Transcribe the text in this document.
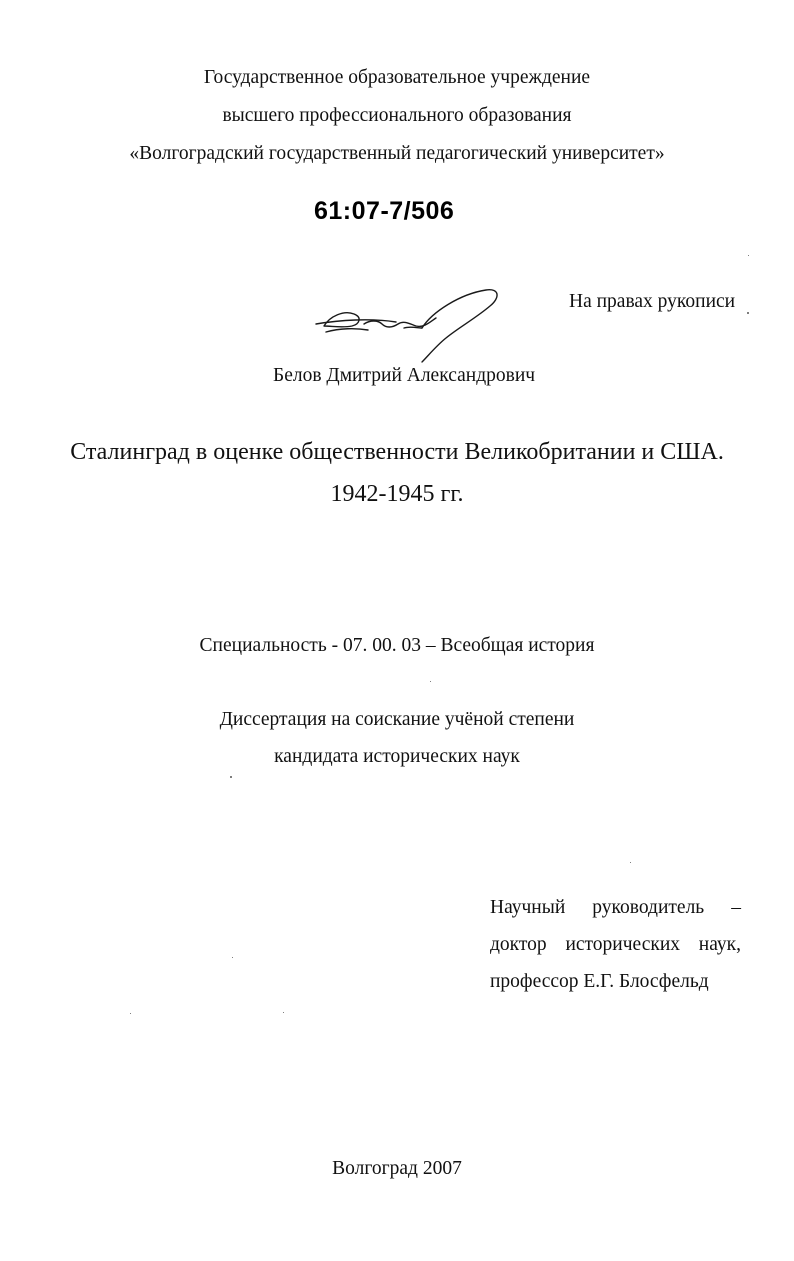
Государственное образовательное учреждение
высшего профессионального образования
«Волгоградский государственный педагогический университет»
61:07-7/506
На правах рукописи
Белов Дмитрий Александрович
Сталинград в оценке общественности Великобритании и США.
1942-1945 гг.
Специальность - 07. 00. 03 – Всеобщая история
Диссертация на соискание учёной степени
кандидата исторических наук
Научный руководитель –
доктор исторических наук,
профессор Е.Г. Блосфельд
Волгоград 2007
